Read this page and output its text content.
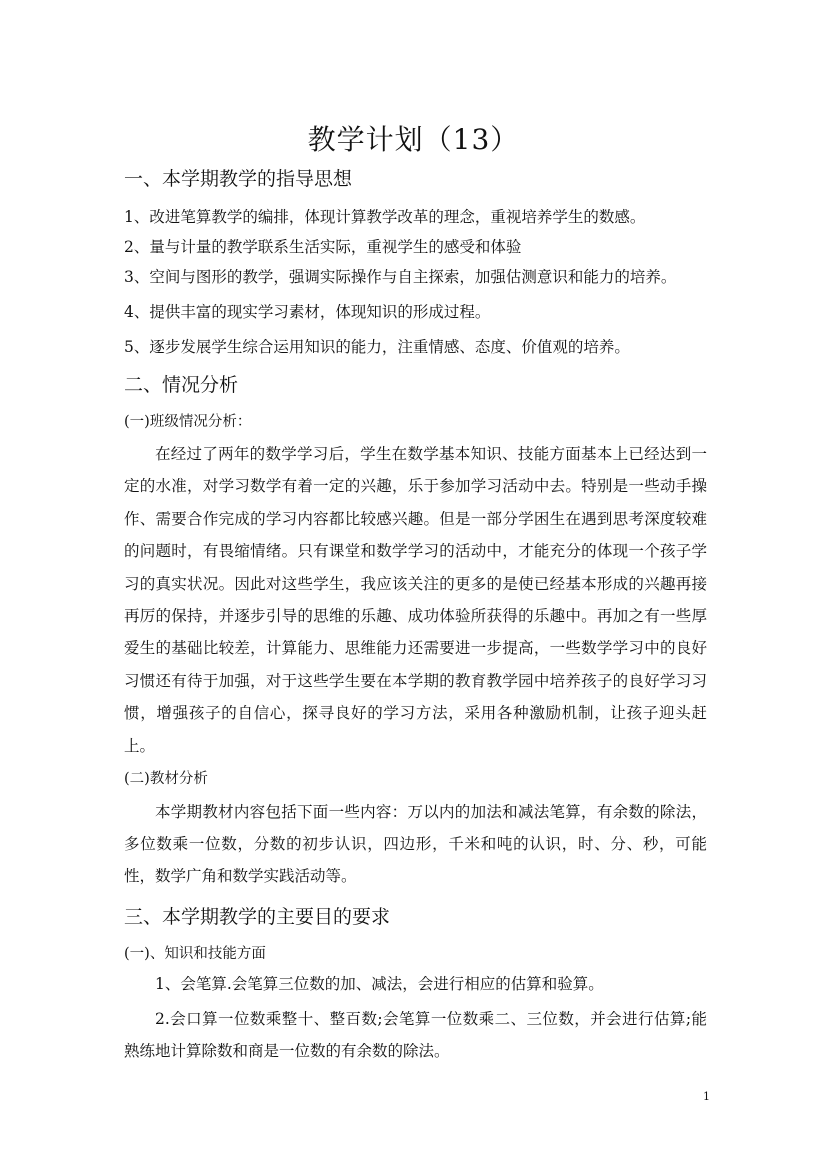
教学计划（13）
一、本学期教学的指导思想
1、改进笔算教学的编排，体现计算教学改革的理念，重视培养学生的数感。
2、量与计量的教学联系生活实际，重视学生的感受和体验
3、空间与图形的教学，强调实际操作与自主探索，加强估测意识和能力的培养。
4、提供丰富的现实学习素材，体现知识的形成过程。
5、逐步发展学生综合运用知识的能力，注重情感、态度、价值观的培养。
二、情况分析
(一)班级情况分析：

在经过了两年的数学学习后，学生在数学基本知识、技能方面基本上已经达到一定的水准，对学习数学有着一定的兴趣，乐于参加学习活动中去。特别是一些动手操作、需要合作完成的学习内容都比较感兴趣。但是一部分学困生在遇到思考深度较难的问题时，有畏缩情绪。只有课堂和数学学习的活动中，才能充分的体现一个孩子学习的真实状况。因此对这些学生，我应该关注的更多的是使已经基本形成的兴趣再接再厉的保持，并逐步引导的思维的乐趣、成功体验所获得的乐趣中。再加之有一些厚爱生的基础比较差，计算能力、思维能力还需要进一步提高，一些数学学习中的良好习惯还有待于加强，对于这些学生要在本学期的教育教学园中培养孩子的良好学习习惯，增强孩子的自信心，探寻良好的学习方法，采用各种激励机制，让孩子迎头赶上。

(二)教材分析

本学期教材内容包括下面一些内容：万以内的加法和减法笔算，有余数的除法，多位数乘一位数，分数的初步认识，四边形，千米和吨的认识，时、分、秒，可能性，数学广角和数学实践活动等。

三、本学期教学的主要目的要求
(一)、知识和技能方面
1、会笔算.会笔算三位数的加、减法，会进行相应的估算和验算。

2.会口算一位数乘整十、整百数;会笔算一位数乘二、三位数，并会进行估算;能熟练地计算除数和商是一位数的有余数的除法。

1
